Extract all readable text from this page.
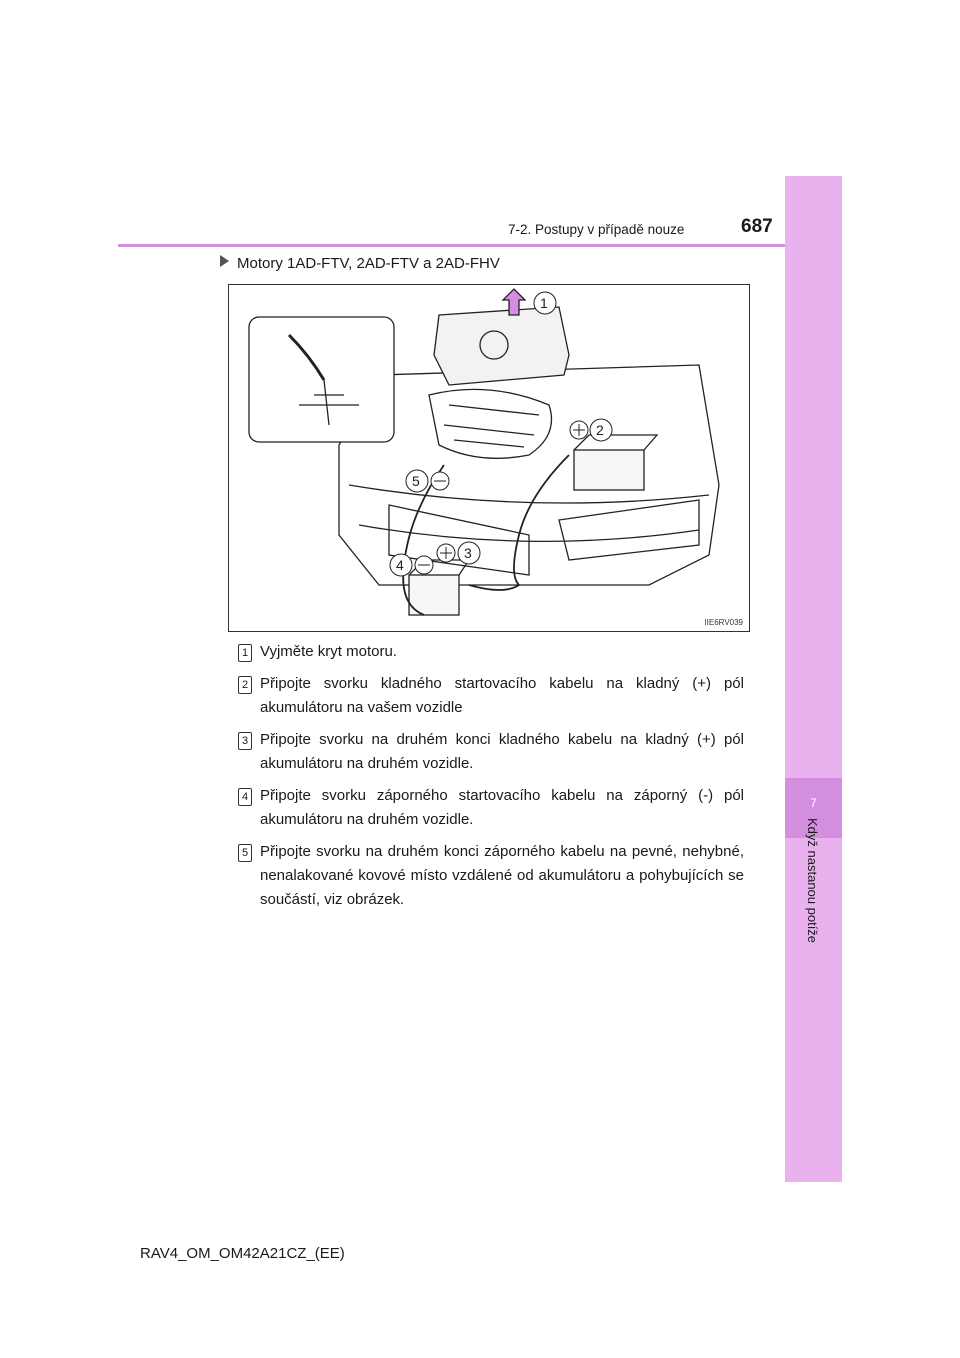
7
Když nastanou potíže
7-2. Postupy v případě nouze	687
Motory 1AD-FTV, 2AD-FTV a 2AD-FHV
1
2
3
4
5
IIE6RV039
1 Vyjměte kryt motoru.
2 Připojte svorku kladného startovacího kabelu na kladný (+) pól akumulátoru na vašem vozidle
3 Připojte svorku na druhém konci kladného kabelu na kladný (+) pól akumulátoru na druhém vozidle.
4 Připojte svorku záporného startovacího kabelu na záporný (-) pól akumulátoru na druhém vozidle.
5 Připojte svorku na druhém konci záporného kabelu na pevné, nehybné, nenalakované kovové místo vzdálené od akumulátoru a pohybujících se součástí, viz obrázek.
RAV4_OM_OM42A21CZ_(EE)
